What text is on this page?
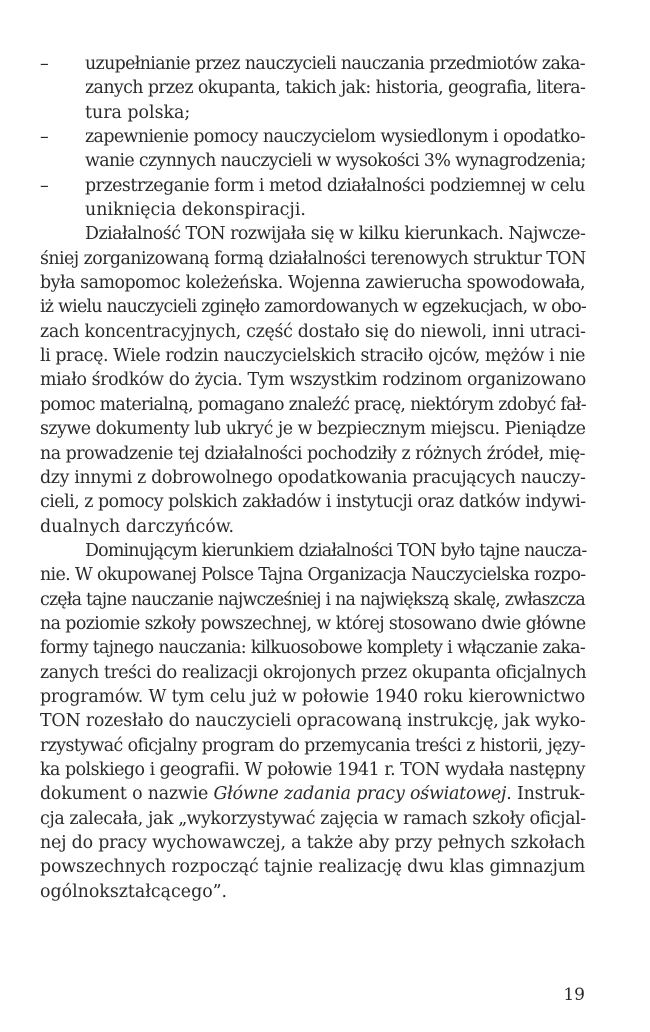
– uzupełnianie przez nauczycieli nauczania przedmiotów zaka-
zanych przez okupanta, takich jak: historia, geografia, litera-
tura polska;
– zapewnienie pomocy nauczycielom wysiedlonym i opodatko-
wanie czynnych nauczycieli w wysokości 3% wynagrodzenia;
– przestrzeganie form i metod działalności podziemnej w celu
uniknięcia dekonspiracji.
Działalność TON rozwijała się w kilku kierunkach. Najwcze-
śniej zorganizowaną formą działalności terenowych struktur TON
była samopomoc koleżeńska. Wojenna zawierucha spowodowała,
iż wielu nauczycieli zginęło zamordowanych w egzekucjach, w obo-
zach koncentracyjnych, część dostało się do niewoli, inni utraci-
li pracę. Wiele rodzin nauczycielskich straciło ojców, mężów i nie
miało środków do życia. Tym wszystkim rodzinom organizowano
pomoc materialną, pomagano znaleźć pracę, niektórym zdobyć fał-
szywe dokumenty lub ukryć je w bezpiecznym miejscu. Pieniądze
na prowadzenie tej działalności pochodziły z różnych źródeł, mię-
dzy innymi z dobrowolnego opodatkowania pracujących nauczy-
cieli, z pomocy polskich zakładów i instytucji oraz datków indywi-
dualnych darczyńców.
Dominującym kierunkiem działalności TON było tajne naucza-
nie. W okupowanej Polsce Tajna Organizacja Nauczycielska rozpo-
częła tajne nauczanie najwcześniej i na największą skalę, zwłaszcza
na poziomie szkoły powszechnej, w której stosowano dwie główne
formy tajnego nauczania: kilkuosobowe komplety i włączanie zaka-
zanych treści do realizacji okrojonych przez okupanta oficjalnych
programów. W tym celu już w połowie 1940 roku kierownictwo
TON rozesłało do nauczycieli opracowaną instrukcję, jak wyko-
rzystywać oficjalny program do przemycania treści z historii, języ-
ka polskiego i geografii. W połowie 1941 r. TON wydała następny
dokument o nazwie Główne zadania pracy oświatowej. Instruk-
cja zalecała, jak „wykorzystywać zajęcia w ramach szkoły oficjal-
nej do pracy wychowawczej, a także aby przy pełnych szkołach
powszechnych rozpocząć tajnie realizację dwu klas gimnazjum
ogólnokształcącego”.
19
